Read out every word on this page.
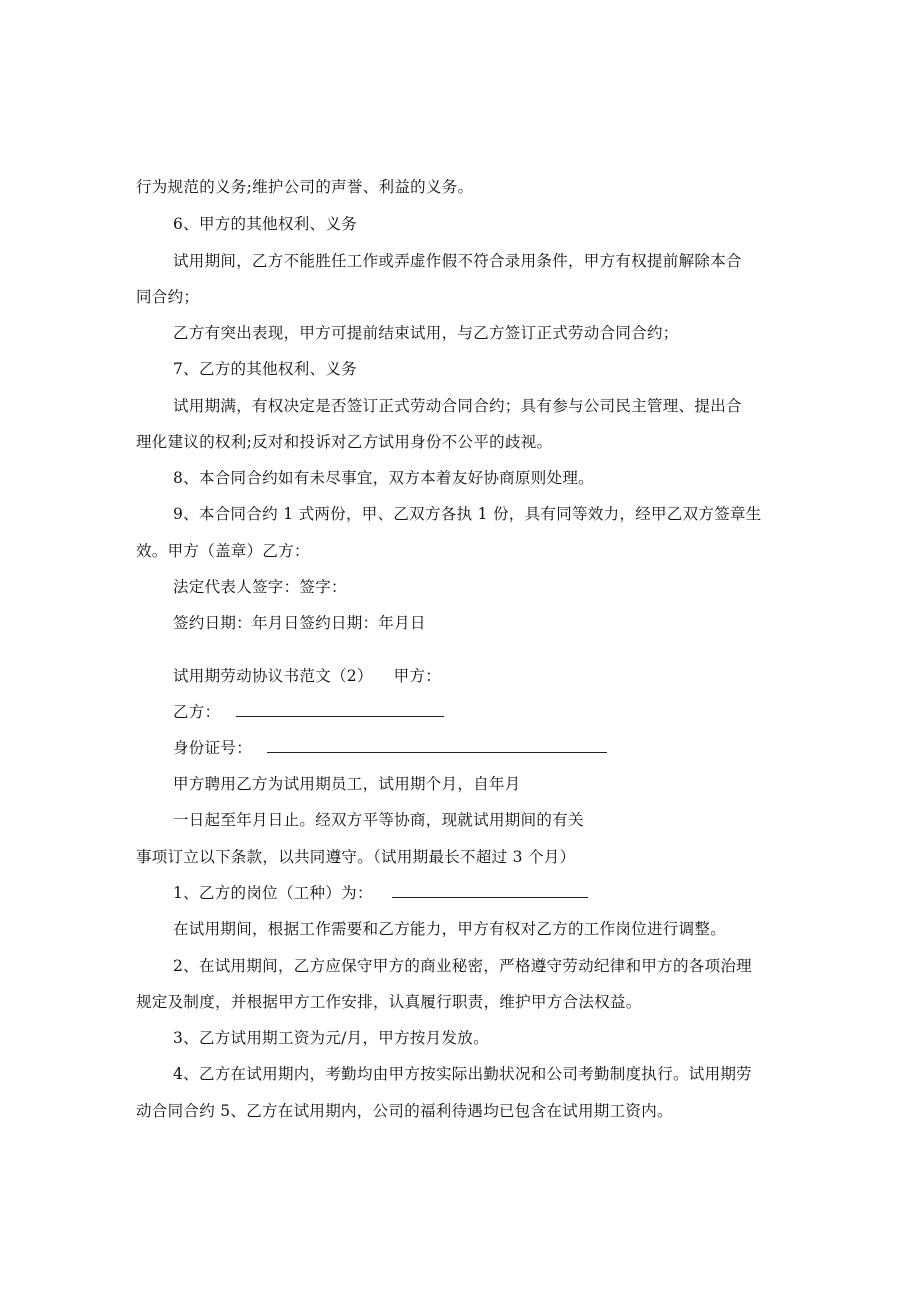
行为规范的义务;维护公司的声誉、利益的义务。
6、甲方的其他权利、义务
试用期间，乙方不能胜任工作或弄虚作假不符合录用条件，甲方有权提前解除本合
同合约；
乙方有突出表现，甲方可提前结束试用，与乙方签订正式劳动合同合约；
7、乙方的其他权利、义务
试用期满，有权决定是否签订正式劳动合同合约；具有参与公司民主管理、提出合
理化建议的权利;反对和投诉对乙方试用身份不公平的歧视。
8、本合同合约如有未尽事宜，双方本着友好协商原则处理。
9、本合同合约 1 式两份，甲、乙双方各执 1 份，具有同等效力，经甲乙双方签章生
效。甲方（盖章）乙方：
法定代表人签字：签字：
签约日期：年月日签约日期：年月日
试用期劳动协议书范文（2）    甲方：
乙方：
身份证号：
甲方聘用乙方为试用期员工，试用期个月，自年月
一日起至年月日止。经双方平等协商，现就试用期间的有关
事项订立以下条款，以共同遵守。（试用期最长不超过 3 个月）
1、乙方的岗位（工种）为：
在试用期间，根据工作需要和乙方能力，甲方有权对乙方的工作岗位进行调整。
2、在试用期间，乙方应保守甲方的商业秘密，严格遵守劳动纪律和甲方的各项治理
规定及制度，并根据甲方工作安排，认真履行职责，维护甲方合法权益。
3、乙方试用期工资为元/月，甲方按月发放。
4、乙方在试用期内，考勤均由甲方按实际出勤状况和公司考勤制度执行。试用期劳
动合同合约 5、乙方在试用期内，公司的福利待遇均已包含在试用期工资内。
